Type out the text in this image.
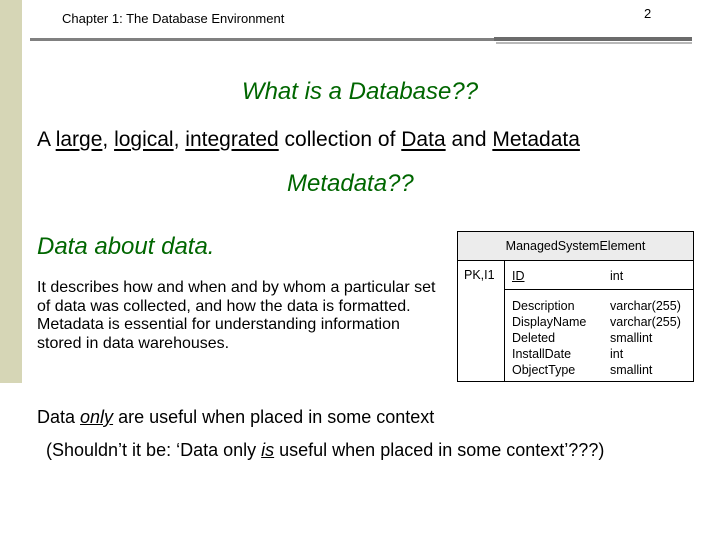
Chapter 1: The Database Environment	2
What is a Database??
A large, logical, integrated collection of Data and Metadata
Metadata??
Data about data.
It describes how and when and by whom a particular set of data was collected, and how the data is formatted. Metadata is essential for understanding information stored in data warehouses.
ManagedSystemElement
PK,I1 ID	int
Description
DisplayName
Deleted
InstallDate
ObjectType
varchar(255)
varchar(255)
smallint
int
smallint
Data only are useful when placed in some context
(Shouldn’t it be: ‘Data only is useful when placed in some context’???)
